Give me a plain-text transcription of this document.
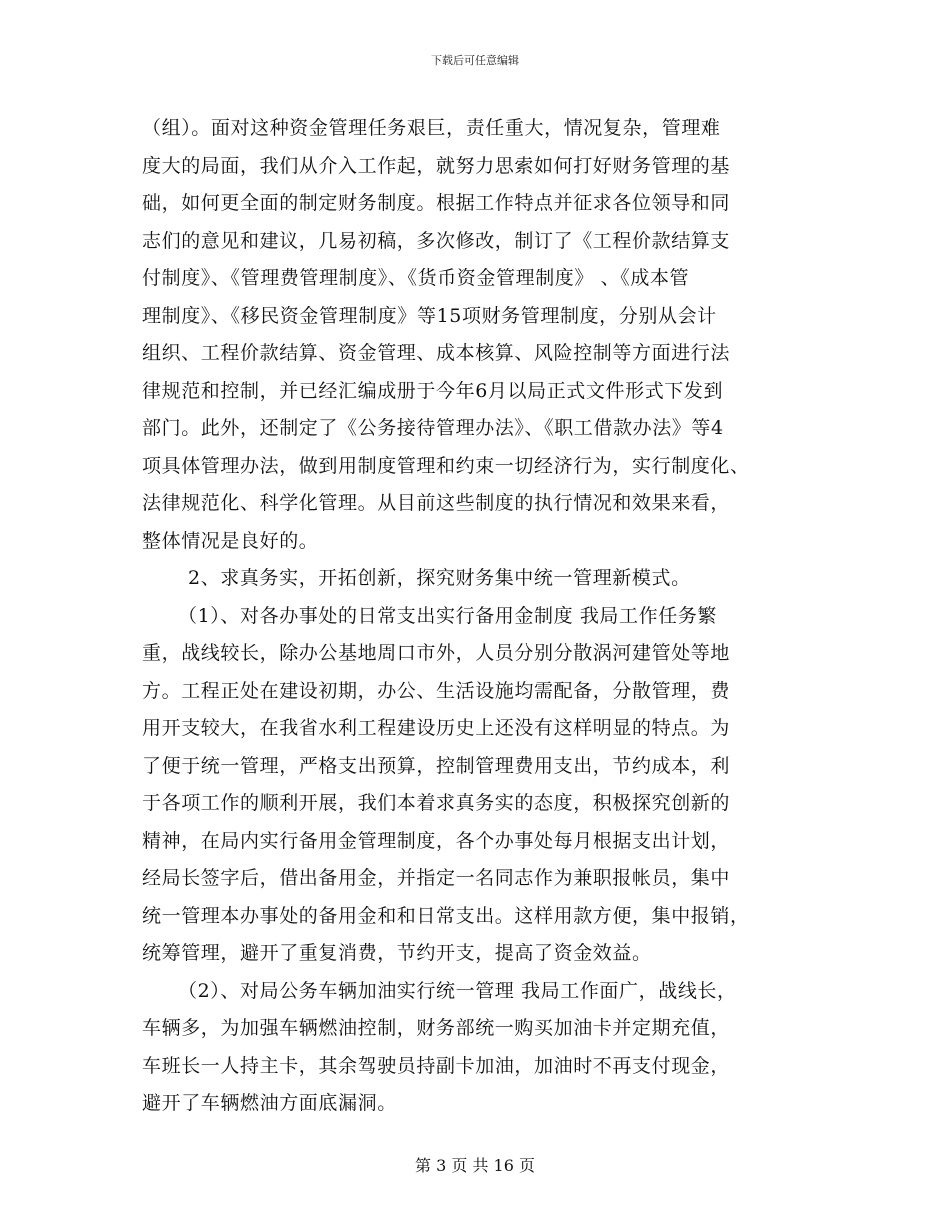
下载后可任意编辑
（组）。面对这种资金管理任务艰巨，责任重大，情况复杂，管理难
度大的局面，我们从介入工作起，就努力思索如何打好财务管理的基
础，如何更全面的制定财务制度。根据工作特点并征求各位领导和同
志们的意见和建议，几易初稿，多次修改，制订了《工程价款结算支
付制度》、《管理费管理制度》、《货币资金管理制度》 、《成本管
理制度》、《移民资金管理制度》等15项财务管理制度，分别从会计
组织、工程价款结算、资金管理、成本核算、风险控制等方面进行法
律规范和控制，并已经汇编成册于今年6月以局正式文件形式下发到
部门。此外，还制定了《公务接待管理办法》、《职工借款办法》等4
项具体管理办法，做到用制度管理和约束一切经济行为，实行制度化、
法律规范化、科学化管理。从目前这些制度的执行情况和效果来看，
整体情况是良好的。
2、求真务实，开拓创新，探究财务集中统一管理新模式。
（1）、对各办事处的日常支出实行备用金制度 我局工作任务繁
重，战线较长，除办公基地周口市外，人员分别分散涡河建管处等地
方。工程正处在建设初期，办公、生活设施均需配备，分散管理，费
用开支较大，在我省水利工程建设历史上还没有这样明显的特点。为
了便于统一管理，严格支出预算，控制管理费用支出，节约成本，利
于各项工作的顺利开展，我们本着求真务实的态度，积极探究创新的
精神，在局内实行备用金管理制度，各个办事处每月根据支出计划，
经局长签字后，借出备用金，并指定一名同志作为兼职报帐员，集中
统一管理本办事处的备用金和和日常支出。这样用款方便，集中报销，
统筹管理，避开了重复消费，节约开支，提高了资金效益。
（2）、对局公务车辆加油实行统一管理 我局工作面广，战线长，
车辆多，为加强车辆燃油控制，财务部统一购买加油卡并定期充值，
车班长一人持主卡，其余驾驶员持副卡加油，加油时不再支付现金，
避开了车辆燃油方面底漏洞。
第 3 页 共 16 页
